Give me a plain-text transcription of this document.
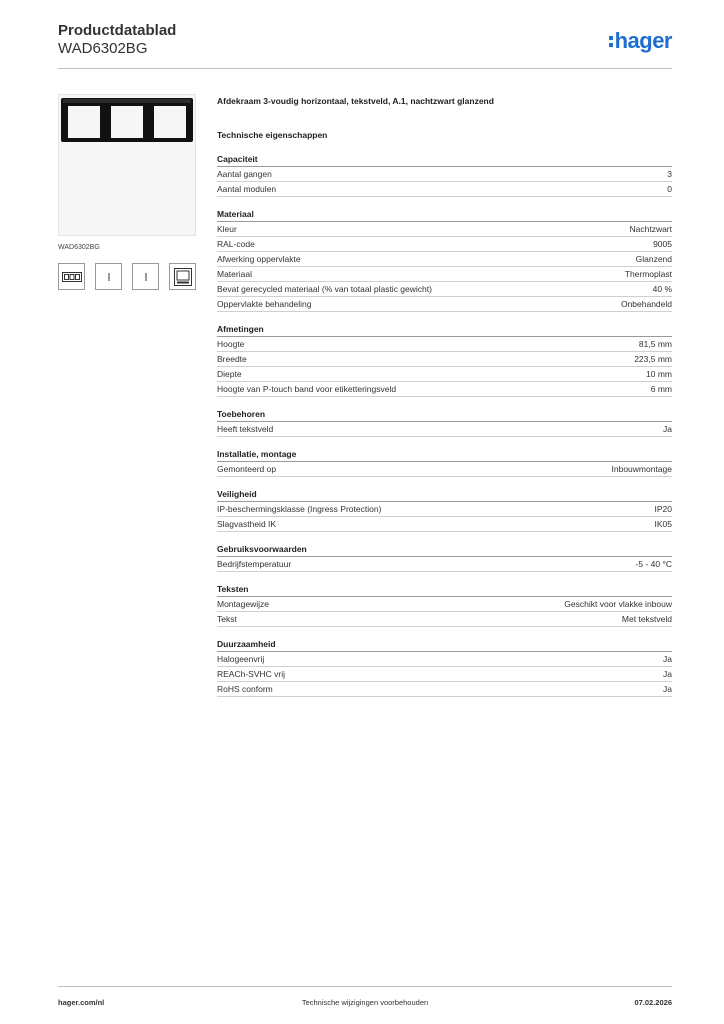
Productdatablad
WAD6302BG	hager
WAD6302BG
Afdekraam 3-voudig horizontaal, tekstveld, A.1, nachtzwart glanzend
Technische eigenschappen
Capaciteit
Aantal gangen	3
Aantal modulen	0
Materiaal
Kleur	Nachtzwart
RAL-code	9005
Afwerking oppervlakte	Glanzend
Materiaal	Thermoplast
Bevat gerecycled materiaal (% van totaal plastic gewicht)	40 %
Oppervlakte behandeling	Onbehandeld
Afmetingen
Hoogte	81,5 mm
Breedte	223,5 mm
Diepte	10 mm
Hoogte van P-touch band voor etiketteringsveld	6 mm
Toebehoren
Heeft tekstveld	Ja
Installatie, montage
Gemonteerd op	Inbouwmontage
Veiligheid
IP-beschermingsklasse (Ingress Protection)	IP20
Slagvastheid IK	IK05
Gebruiksvoorwaarden
Bedrijfstemperatuur	-5 - 40 °C
Teksten
Montagewijze	Geschikt voor vlakke inbouw
Tekst	Met tekstveld
Duurzaamheid
Halogeenvrij	Ja
REACh-SVHC vrij	Ja
RoHS conform	Ja
hager.com/nl	Technische wijzigingen voorbehouden	07.02.2026
